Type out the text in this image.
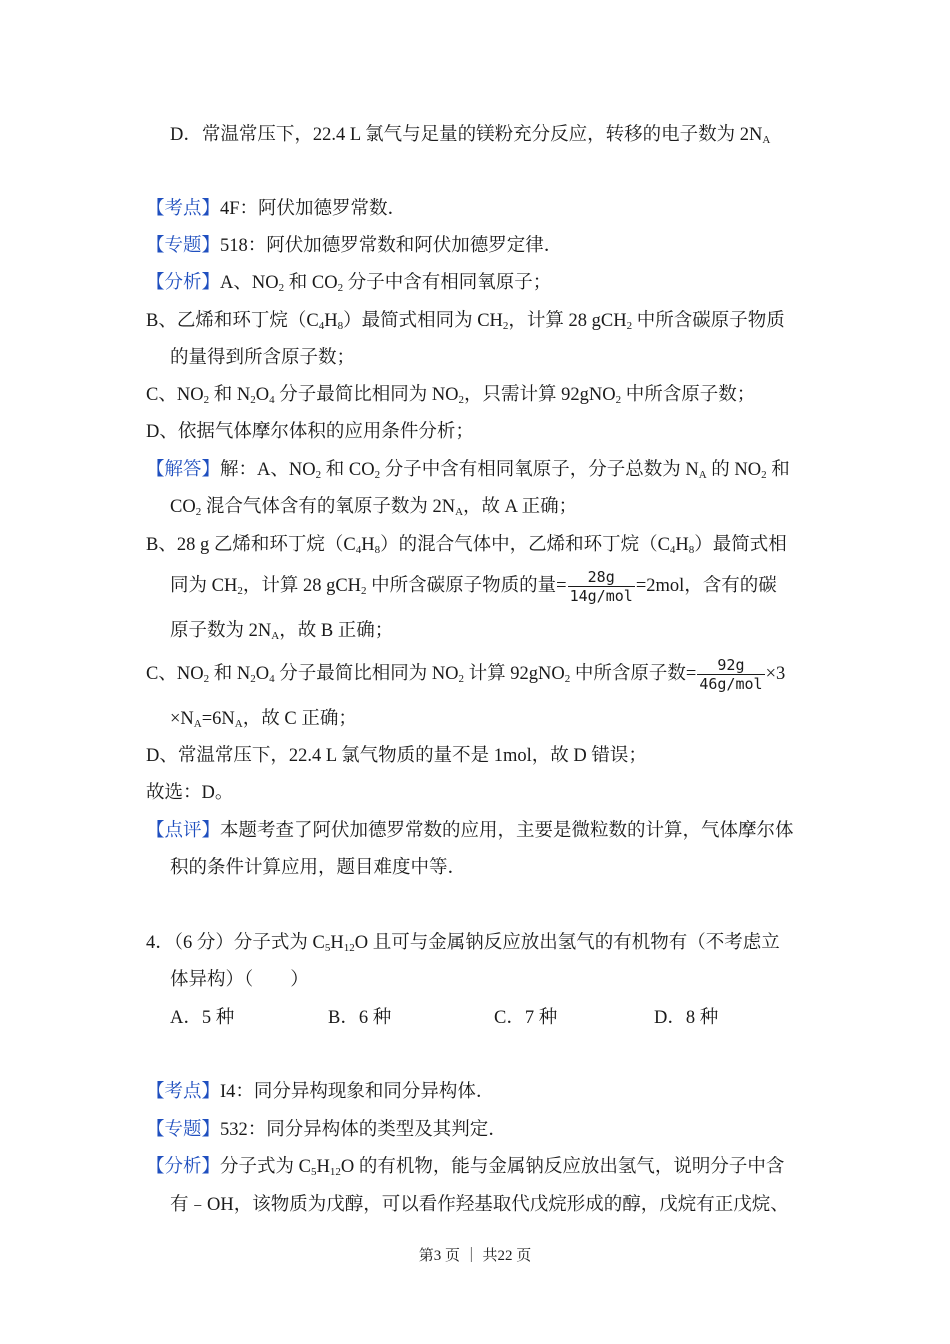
D．常温常压下，22.4 L 氯气与足量的镁粉充分反应，转移的电子数为 $2N_A$
【考点】4F：阿伏加德罗常数．
【专题】518：阿伏加德罗常数和阿伏加德罗定律．
【分析】A、$NO_2$ 和 $CO_2$ 分子中含有相同氧原子；
B、乙烯和环丁烷$(C_4H_8)$最简式相同为 $CH_2$，计算 28 gCH$_2$ 中所含碳原子物质
的量得到所含原子数；
C、$NO_2$ 和 $N_2O_4$ 分子最简比相同为 $NO_2$，只需计算 92gNO$_2$ 中所含原子数；
D、依据气体摩尔体积的应用条件分析；
【解答】解：A、$NO_2$ 和 $CO_2$ 分子中含有相同氧原子，分子总数为 $N_A$ 的 $NO_2$ 和
$CO_2$ 混合气体含有的氧原子数为 $2N_A$，故 A 正确；
B、28 g 乙烯和环丁烷$(C_4H_8)$的混合气体中，乙烯和环丁烷$(C_4H_8)$最简式相
同为 $CH_2$，计算 28 gCH$_2$ 中所含碳原子物质的量= $\frac{28g}{\text{14g/mol}} =2mol$，含有的碳
原子数为 $2N_A$，故 B 正确；
C、$NO_2$ 和 $N_2O_4$ 分子最简比相同为 $NO_2$ 计算 92gNO$_2$ 中所含原子数= $\frac{92g}{\text{46g/mol}} \times 3$
$\times N_A=6N_A$，故 C 正确；
D、常温常压下，22.4 L 氯气物质的量不是 1mol，故 D 错误；
故选：D。
【点评】本题考查了阿伏加德罗常数的应用，主要是微粒数的计算，气体摩尔体
积的条件计算应用，题目难度中等．
4．（6 分）分子式为 $C_5H_{12}O$ 且可与金属钠反应放出氢气的有机物有（不考虑立
体异构）（　　）
A．5 种	B．6 种	C．7 种	D．8 种
【考点】I4：同分异构现象和同分异构体．
【专题】532：同分异构体的类型及其判定．
【分析】分子式为 $C_5H_{12}O$ 的有机物，能与金属钠反应放出氢气，说明分子中含
有﹣OH，该物质为戊醇，可以看作羟基取代戊烷形成的醇，戊烷有正戊烷、
第3 页 ｜ 共22 页
